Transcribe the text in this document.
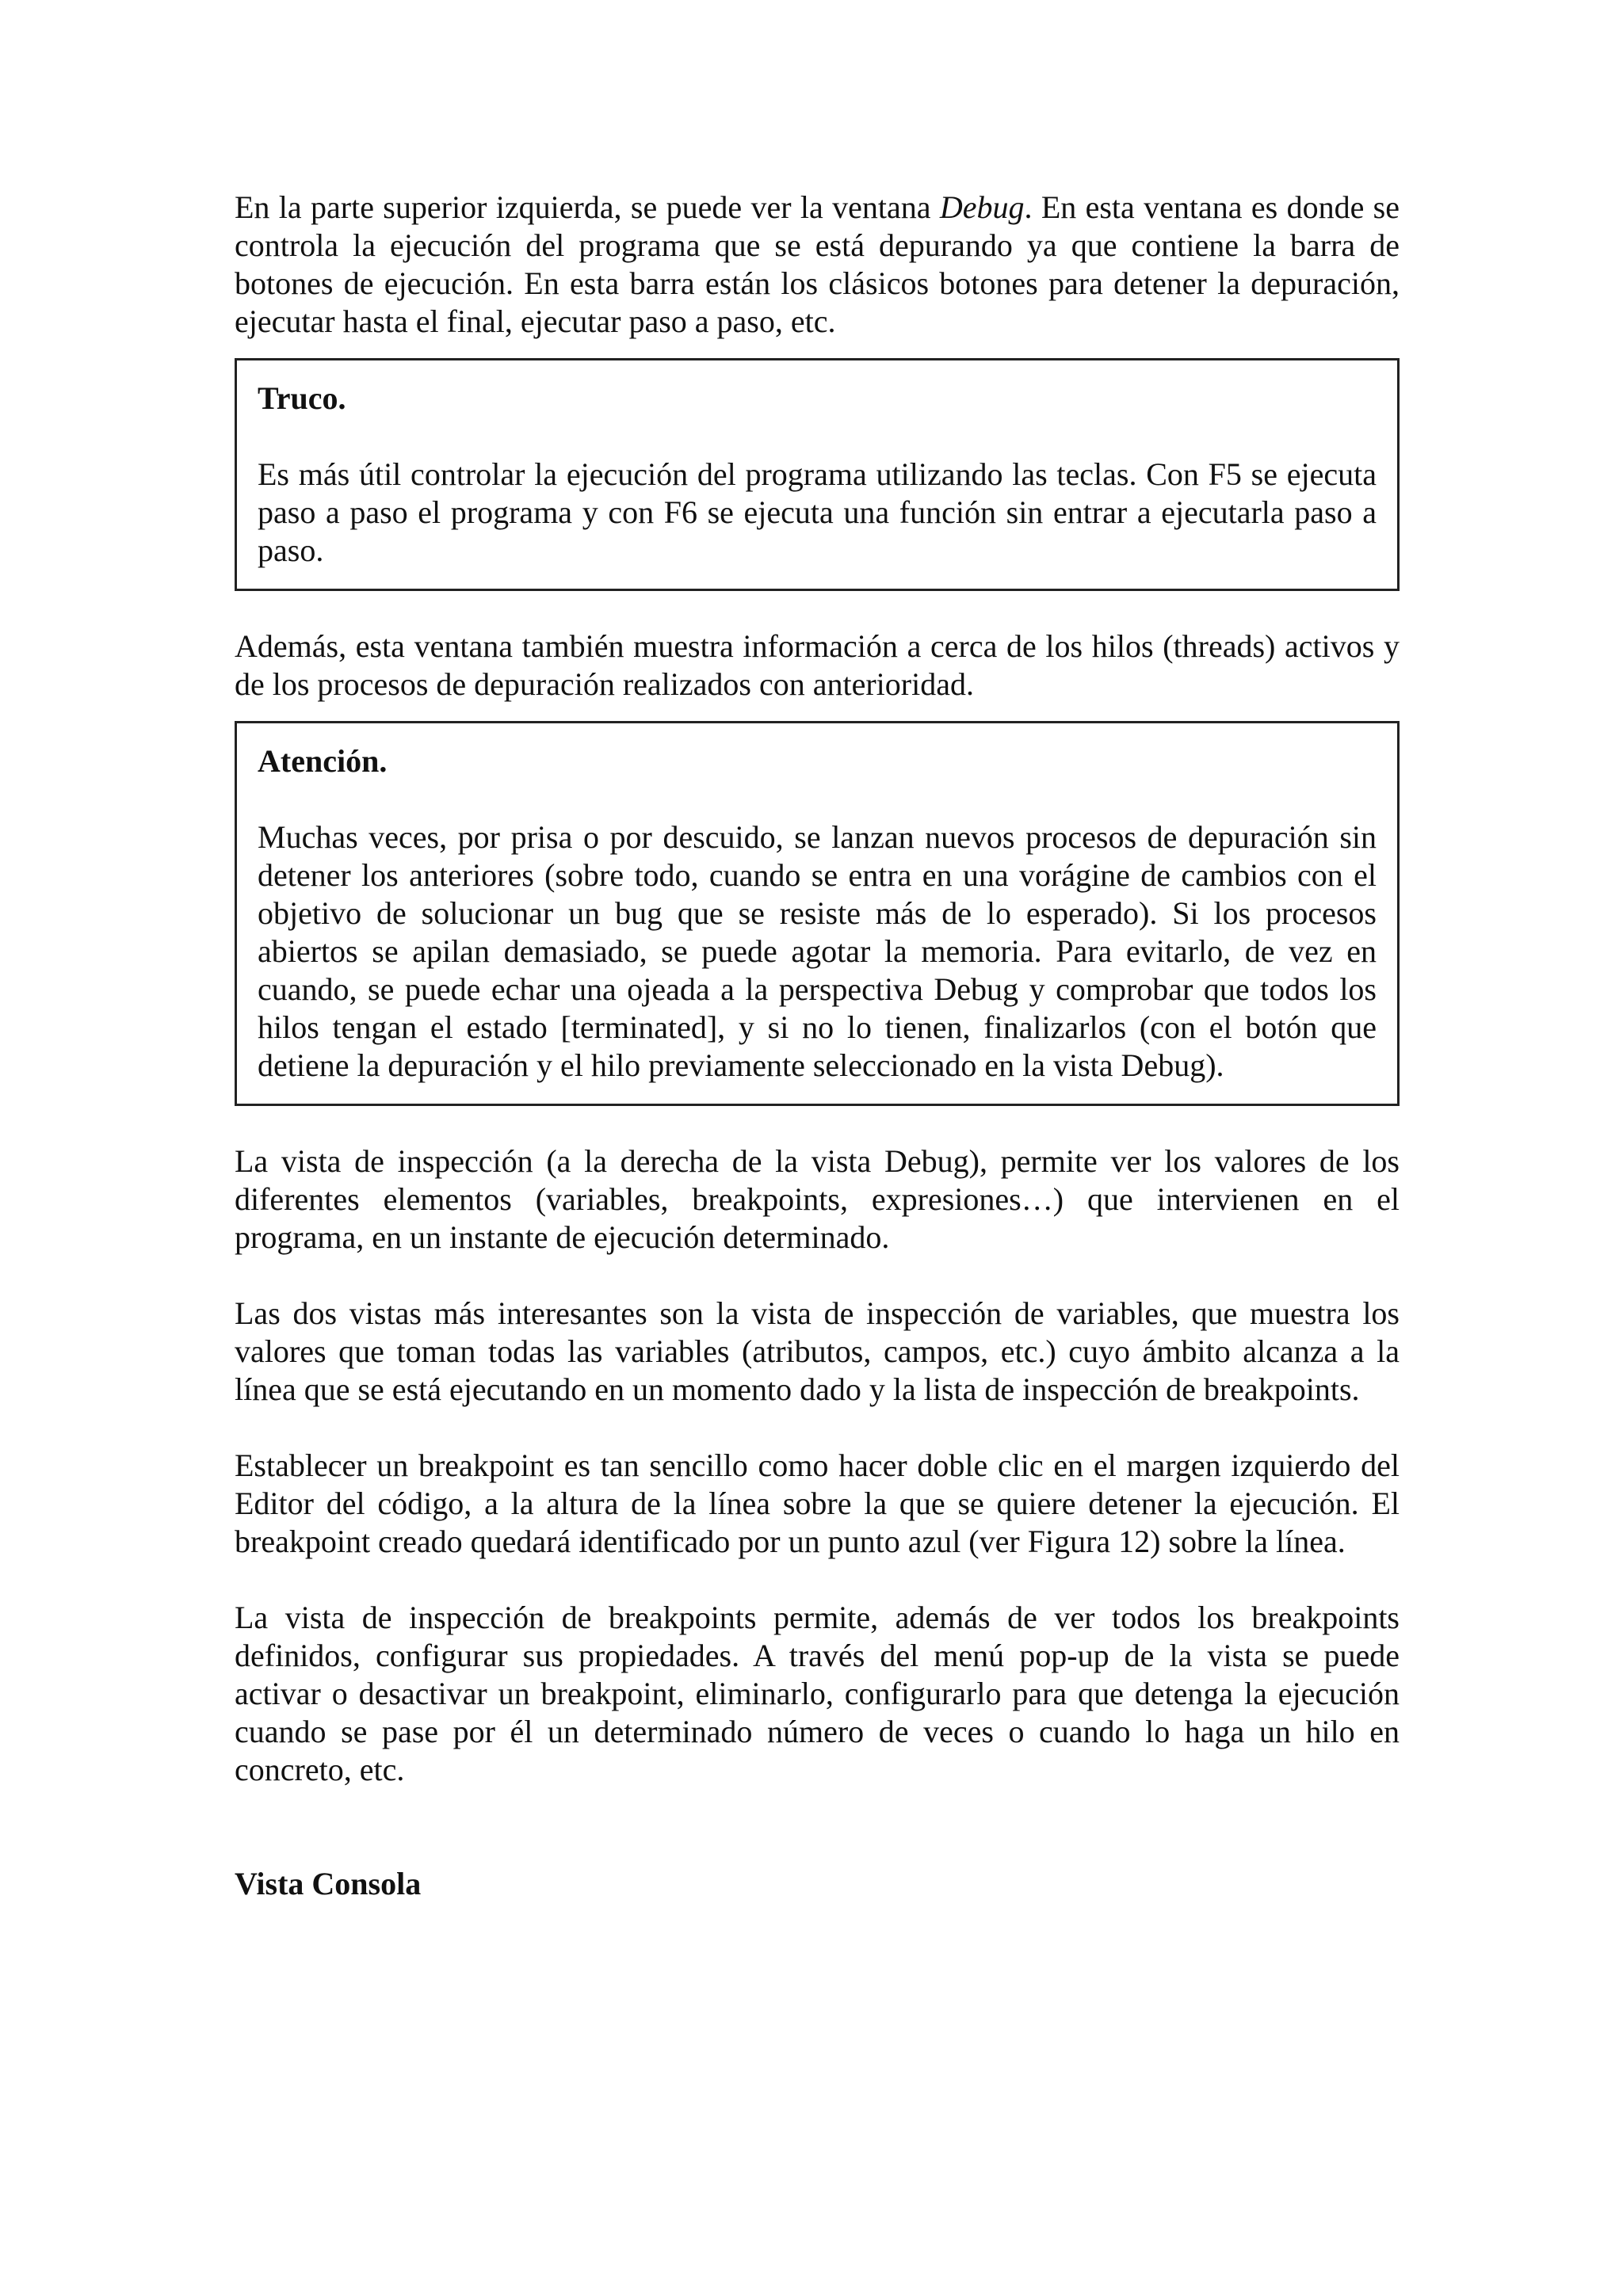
En la parte superior izquierda, se puede ver la ventana Debug. En esta ventana es donde se controla la ejecución del programa que se está depurando ya que contiene la barra de botones de ejecución. En esta barra están los clásicos botones para detener la depuración, ejecutar hasta el final, ejecutar paso a paso, etc.

Truco.

Es más útil controlar la ejecución del programa utilizando las teclas. Con F5 se ejecuta paso a paso el programa y con F6 se ejecuta una función sin entrar a ejecutarla paso a paso.

Además, esta ventana también muestra información a cerca de los hilos (threads) activos y de los procesos de depuración realizados con anterioridad.

Atención.

Muchas veces, por prisa o por descuido, se lanzan nuevos procesos de depuración sin detener los anteriores (sobre todo, cuando se entra en una vorágine de cambios con el objetivo de solucionar un bug que se resiste más de lo esperado). Si los procesos abiertos se apilan demasiado, se puede agotar la memoria. Para evitarlo, de vez en cuando, se puede echar una ojeada a la perspectiva Debug y comprobar que todos los hilos tengan el estado [terminated], y si no lo tienen, finalizarlos (con el botón que detiene la depuración y el hilo previamente seleccionado en la vista Debug).

La vista de inspección (a la derecha de la vista Debug), permite ver los valores de los diferentes elementos (variables, breakpoints, expresiones…) que intervienen en el programa, en un instante de ejecución determinado.

Las dos vistas más interesantes son la vista de inspección de variables, que muestra los valores que toman todas las variables (atributos, campos, etc.) cuyo ámbito alcanza a la línea que se está ejecutando en un momento dado y la lista de inspección de breakpoints.

Establecer un breakpoint es tan sencillo como hacer doble clic en el margen izquierdo del Editor del código, a la altura de la línea sobre la que se quiere detener la ejecución. El breakpoint creado quedará identificado por un punto azul (ver Figura 12) sobre la línea.

La vista de inspección de breakpoints permite, además de ver todos los breakpoints definidos, configurar sus propiedades. A través del menú pop-up de la vista se puede activar o desactivar un breakpoint, eliminarlo, configurarlo para que detenga la ejecución cuando se pase por él un determinado número de veces o cuando lo haga un hilo en concreto, etc.

Vista Consola
